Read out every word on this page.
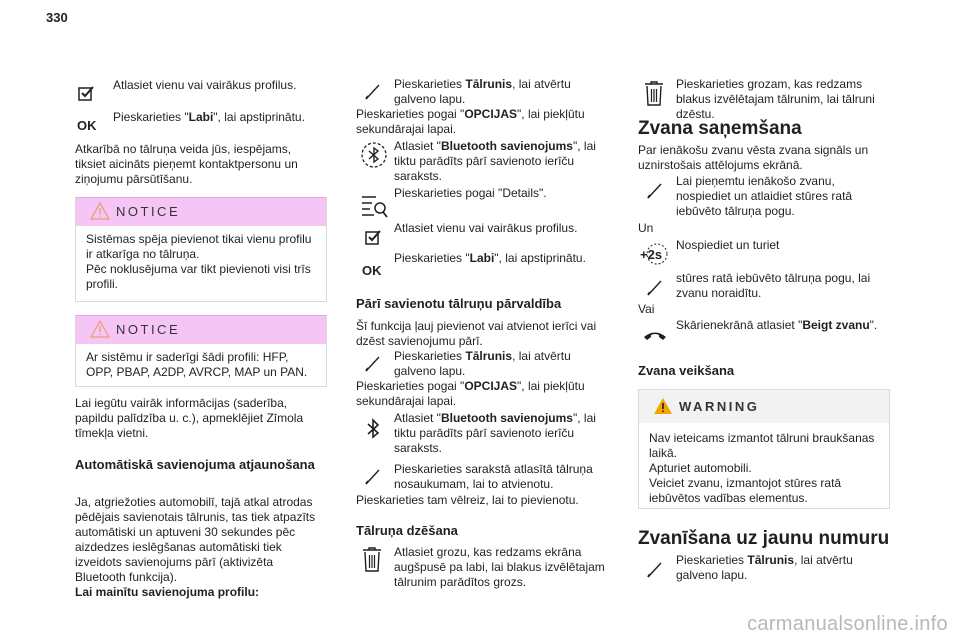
330
Atlasiet vienu vai vairākus profilus.
OK
Pieskarieties "Labi", lai apstiprinātu.
Atkarībā no tālruņa veida jūs, iespējams, tiksiet aicināts pieņemt kontaktpersonu un ziņojumu pārsūtīšanu.
NOTICE
Sistēmas spēja pievienot tikai vienu profilu ir atkarīga no tālruņa.
Pēc noklusējuma var tikt pievienoti visi trīs profili.
NOTICE
Ar sistēmu ir saderīgi šādi profili: HFP, OPP, PBAP, A2DP, AVRCP, MAP un PAN.
Lai iegūtu vairāk informācijas (saderība, papildu palīdzība u. c.), apmeklējiet Zīmola tīmekļa vietni.
Automātiskā savienojuma atjaunošana
Ja, atgriežoties automobilī, tajā atkal atrodas pēdējais savienotais tālrunis, tas tiek atpazīts automātiski un aptuveni 30 sekundes pēc aizdedzes ieslēgšanas automātiski tiek izveidots savienojums pārī (aktivizēta Bluetooth funkcija).
Lai mainītu savienojuma profilu:
Pieskarieties Tālrunis, lai atvērtu galveno lapu.
Pieskarieties pogai "OPCIJAS", lai piekļūtu sekundārajai lapai.
Atlasiet "Bluetooth savienojums", lai tiktu parādīts pārī savienoto ierīču saraksts.
Pieskarieties pogai "Details".
Atlasiet vienu vai vairākus profilus.
OK
Pieskarieties "Labi", lai apstiprinātu.
Pārī savienotu tālruņu pārvaldība
Šī funkcija ļauj pievienot vai atvienot ierīci vai dzēst savienojumu pārī.
Pieskarieties Tālrunis, lai atvērtu galveno lapu.
Pieskarieties pogai "OPCIJAS", lai piekļūtu sekundārajai lapai.
Atlasiet "Bluetooth savienojums", lai tiktu parādīts pārī savienoto ierīču saraksts.
Pieskarieties sarakstā atlasītā tālruņa nosaukumam, lai to atvienotu.
Pieskarieties tam vēlreiz, lai to pievienotu.
Tālruņa dzēšana
Atlasiet grozu, kas redzams ekrāna augšpusē pa labi, lai blakus izvēlētajam tālrunim parādītos grozs.
Pieskarieties grozam, kas redzams blakus izvēlētajam tālrunim, lai tālruni dzēstu.
Zvana saņemšana
Par ienākošu zvanu vēsta zvana signāls un uznirstošais attēlojums ekrānā.
Lai pieņemtu ienākošo zvanu, nospiediet un atlaidiet stūres ratā iebūvēto tālruņa pogu.
Un
+2s
Nospiediet un turiet
stūres ratā iebūvēto tālruņa pogu, lai zvanu noraidītu.
Vai
Skārienekrānā atlasiet "Beigt zvanu".
Zvana veikšana
WARNING
Nav ieteicams izmantot tālruni braukšanas laikā.
Apturiet automobili.
Veiciet zvanu, izmantojot stūres ratā iebūvētos vadības elementus.
Zvanīšana uz jaunu numuru
Pieskarieties Tālrunis, lai atvērtu galveno lapu.
carmanualsonline.info
